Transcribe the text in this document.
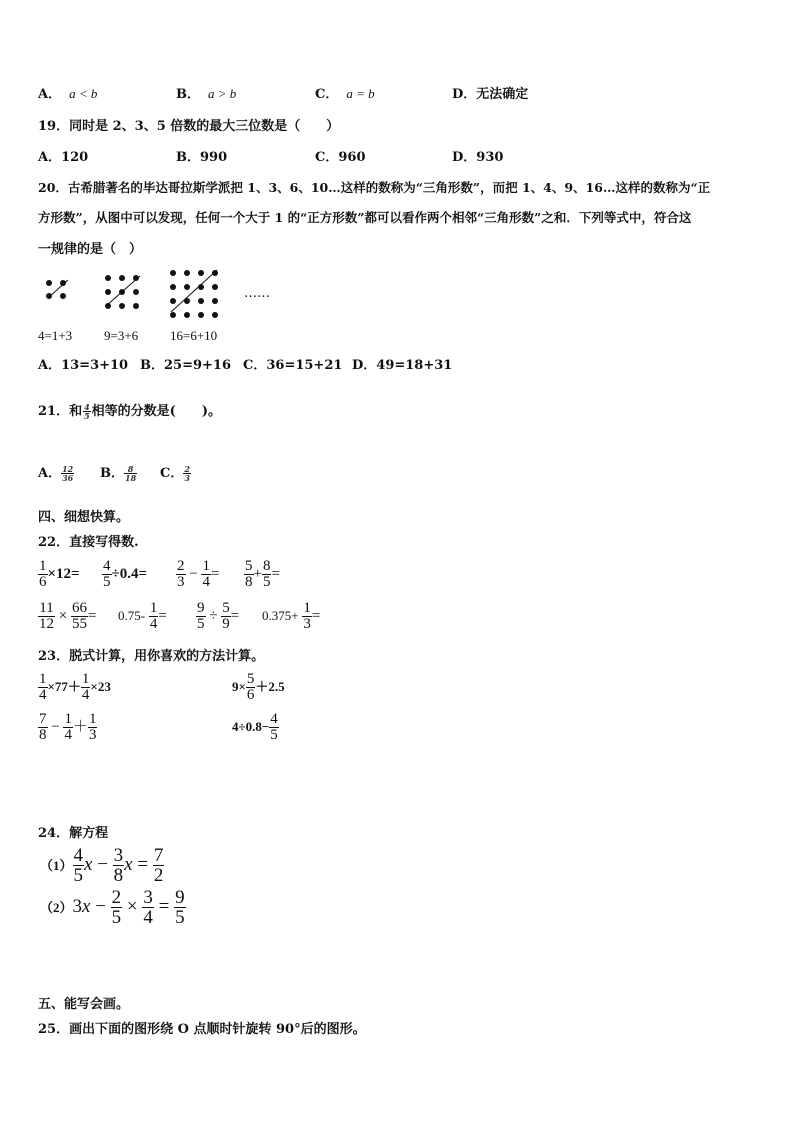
A． a < b	B． a > b	C． a = b	D．无法确定
19．同时是 2、3、5 倍数的最大三位数是（　　）
A．120	B．990	C．960	D．930
20．古希腊著名的毕达哥拉斯学派把 1、3、6、10…这样的数称为“三角形数”，而把 1、4、9、16…这样的数称为“正
方形数”，从图中可以发现，任何一个大于 1 的“正方形数”都可以看作两个相邻“三角形数”之和．下列等式中，符合这
一规律的是（　）
……
4=1+3 9=3+6 16=6+10
A．13=3+10 B．25=9+16 C．36=15+21 D．49=18+31
21．和 $\frac{4}{5}$ 相等的分数是(　　)。
A． $\frac{12}{36}$ B． $\frac{8}{18}$ C． $\frac{2}{3}$
四、细想快算。
22．直接写得数.
$\frac{1}{6} \times 12= \frac{4}{5} \div 0.4= \frac{2}{3} - \frac{1}{4} = \frac{5}{8} + \frac{8}{5}$ =
$\frac{11}{12} \times \frac{66}{55} = 0.75- \frac{1}{4} = \frac{9}{5} \div \frac{5}{9} = 0.375+ \frac{1}{3}$ =
23．脱式计算，用你喜欢的方法计算。
$\frac{1}{4} \times 77+ \frac{1}{4} \times 23$	$9\times \frac{5}{6} +2.5$
$\frac{7}{8} - \frac{1}{4} + \frac{1}{3}$	$4\div 0.8- \frac{4}{5}$
24．解方程
$(1) \frac{4}{5}$ $x - \frac{3}{8}$ $x = \frac{7}{2}$
$(2)3x - \frac{2}{5} \times \frac{3}{4} = \frac{9}{5}$
五、能写会画。
25．画出下面的图形绕 O 点顺时针旋转 90°后的图形。
